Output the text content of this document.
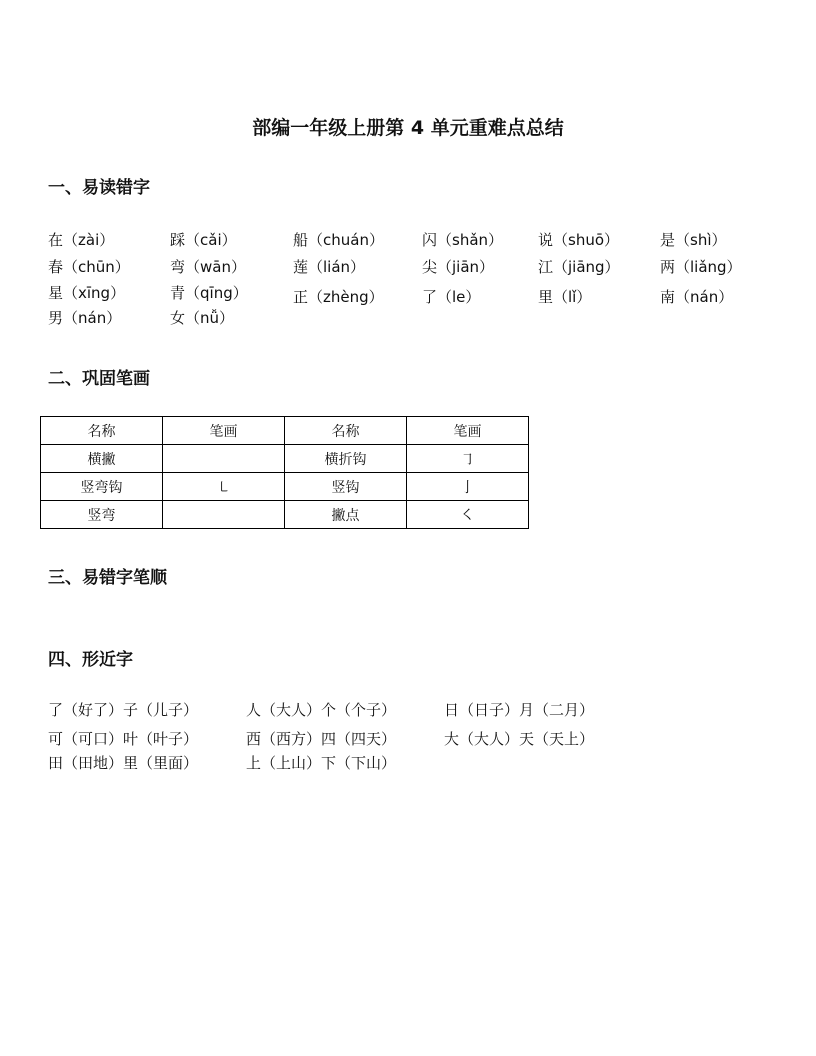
部编一年级上册第 4 单元重难点总结
一、易读错字
在（zài）	踩（cǎi）	船（chuán）	闪（shǎn） 说（shuō）	是（shì）
春（chūn）	弯（wān）	莲（lián）	尖（jiān）	江（jiāng）	两（liǎng）
星（xīng）	青（qīng）	正（zhèng）	了（le）	里（lǐ）	南（nán）
男（nán）	女（nǚ）
二、巩固笔画
名称	笔画	名称	笔画
横撇		横折钩	㇆
竖弯钩	㇄	竖钩	亅
竖弯		撇点	㇛
三、易错字笔顺
四、形近字
了（好了）子（儿子）	人（大人）个（个子）	日（日子）月（二月）
可（可口）叶（叶子）	西（西方）四（四天）	大（大人）天（天上）
田（田地）里（里面）	上（上山）下（下山）
